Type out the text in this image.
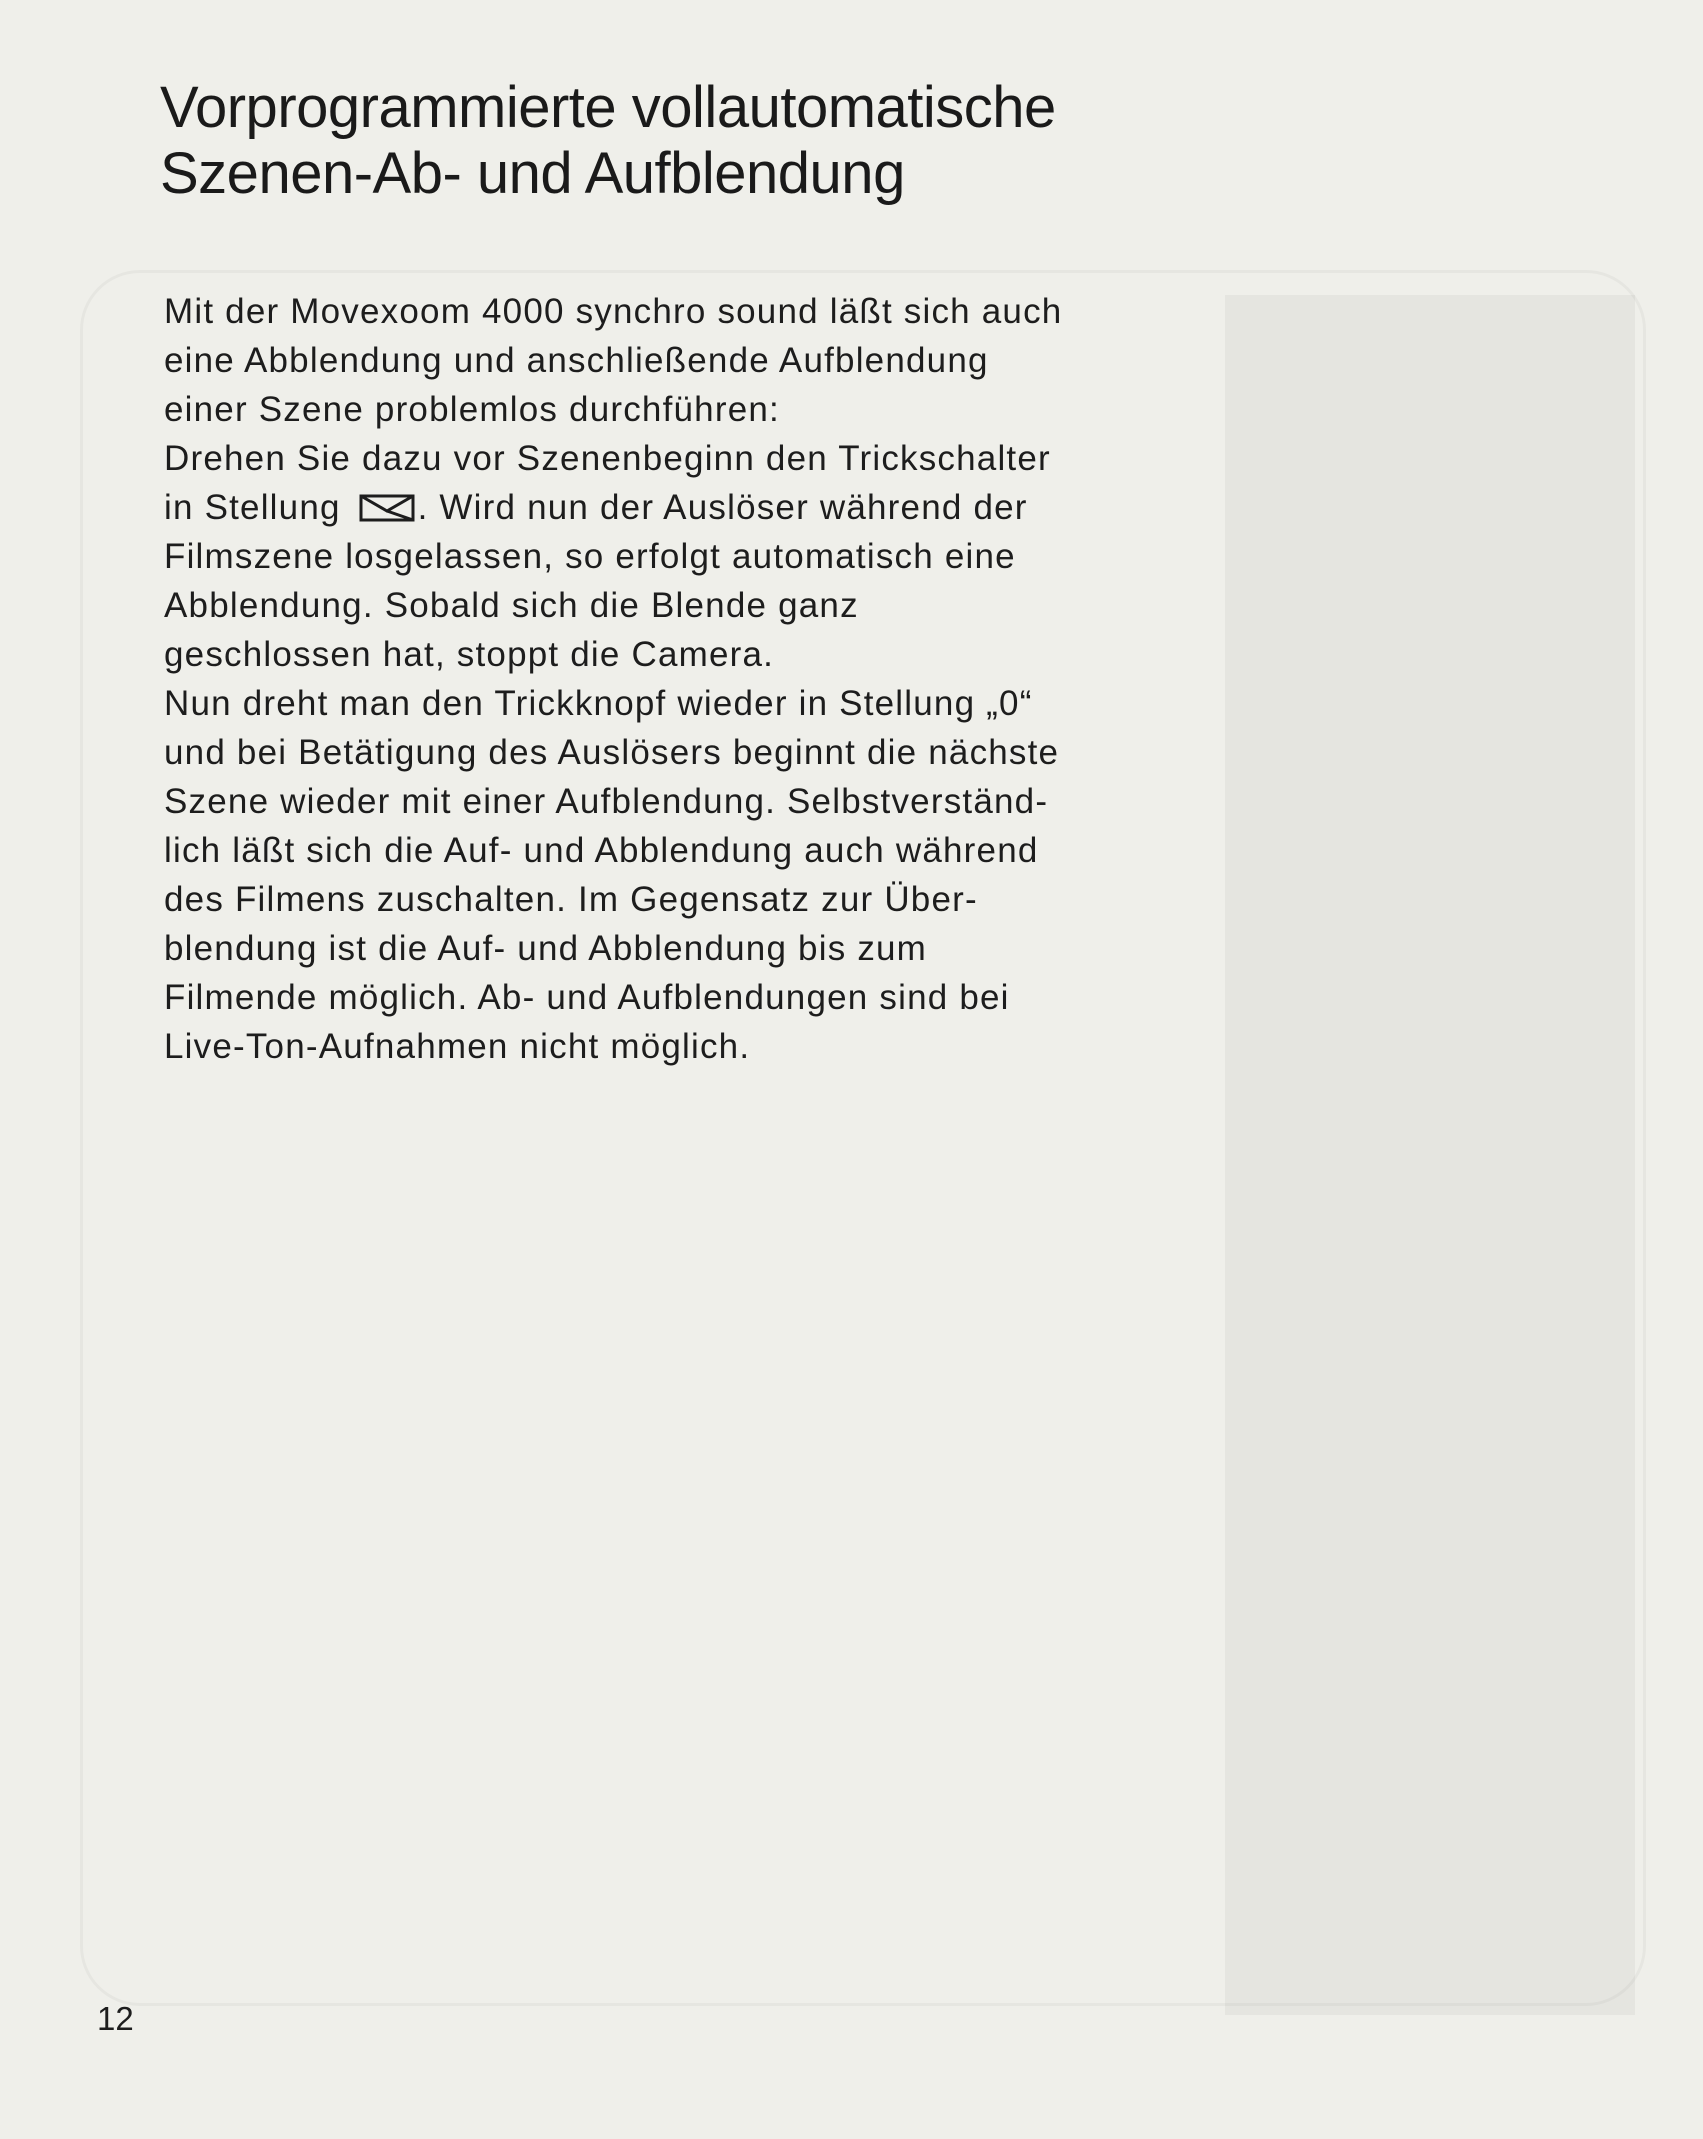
Vorprogrammierte vollautomatische
Szenen-Ab- und Aufblendung

Mit der Movexoom 4000 synchro sound läßt sich auch
eine Abblendung und anschließende Aufblendung
einer Szene problemlos durchführen:

Drehen Sie dazu vor Szenenbeginn den Trickschalter
in Stellung . Wird nun der Auslöser während der
Filmszene losgelassen, so erfolgt automatisch eine
Abblendung. Sobald sich die Blende ganz
geschlossen hat, stoppt die Camera.

Nun dreht man den Trickknopf wieder in Stellung „0“
und bei Betätigung des Auslösers beginnt die nächste
Szene wieder mit einer Aufblendung. Selbstverständ-
lich läßt sich die Auf- und Abblendung auch während
des Filmens zuschalten. Im Gegensatz zur Über-
blendung ist die Auf- und Abblendung bis zum
Filmende möglich. Ab- und Aufblendungen sind bei
Live-Ton-Aufnahmen nicht möglich.

12
